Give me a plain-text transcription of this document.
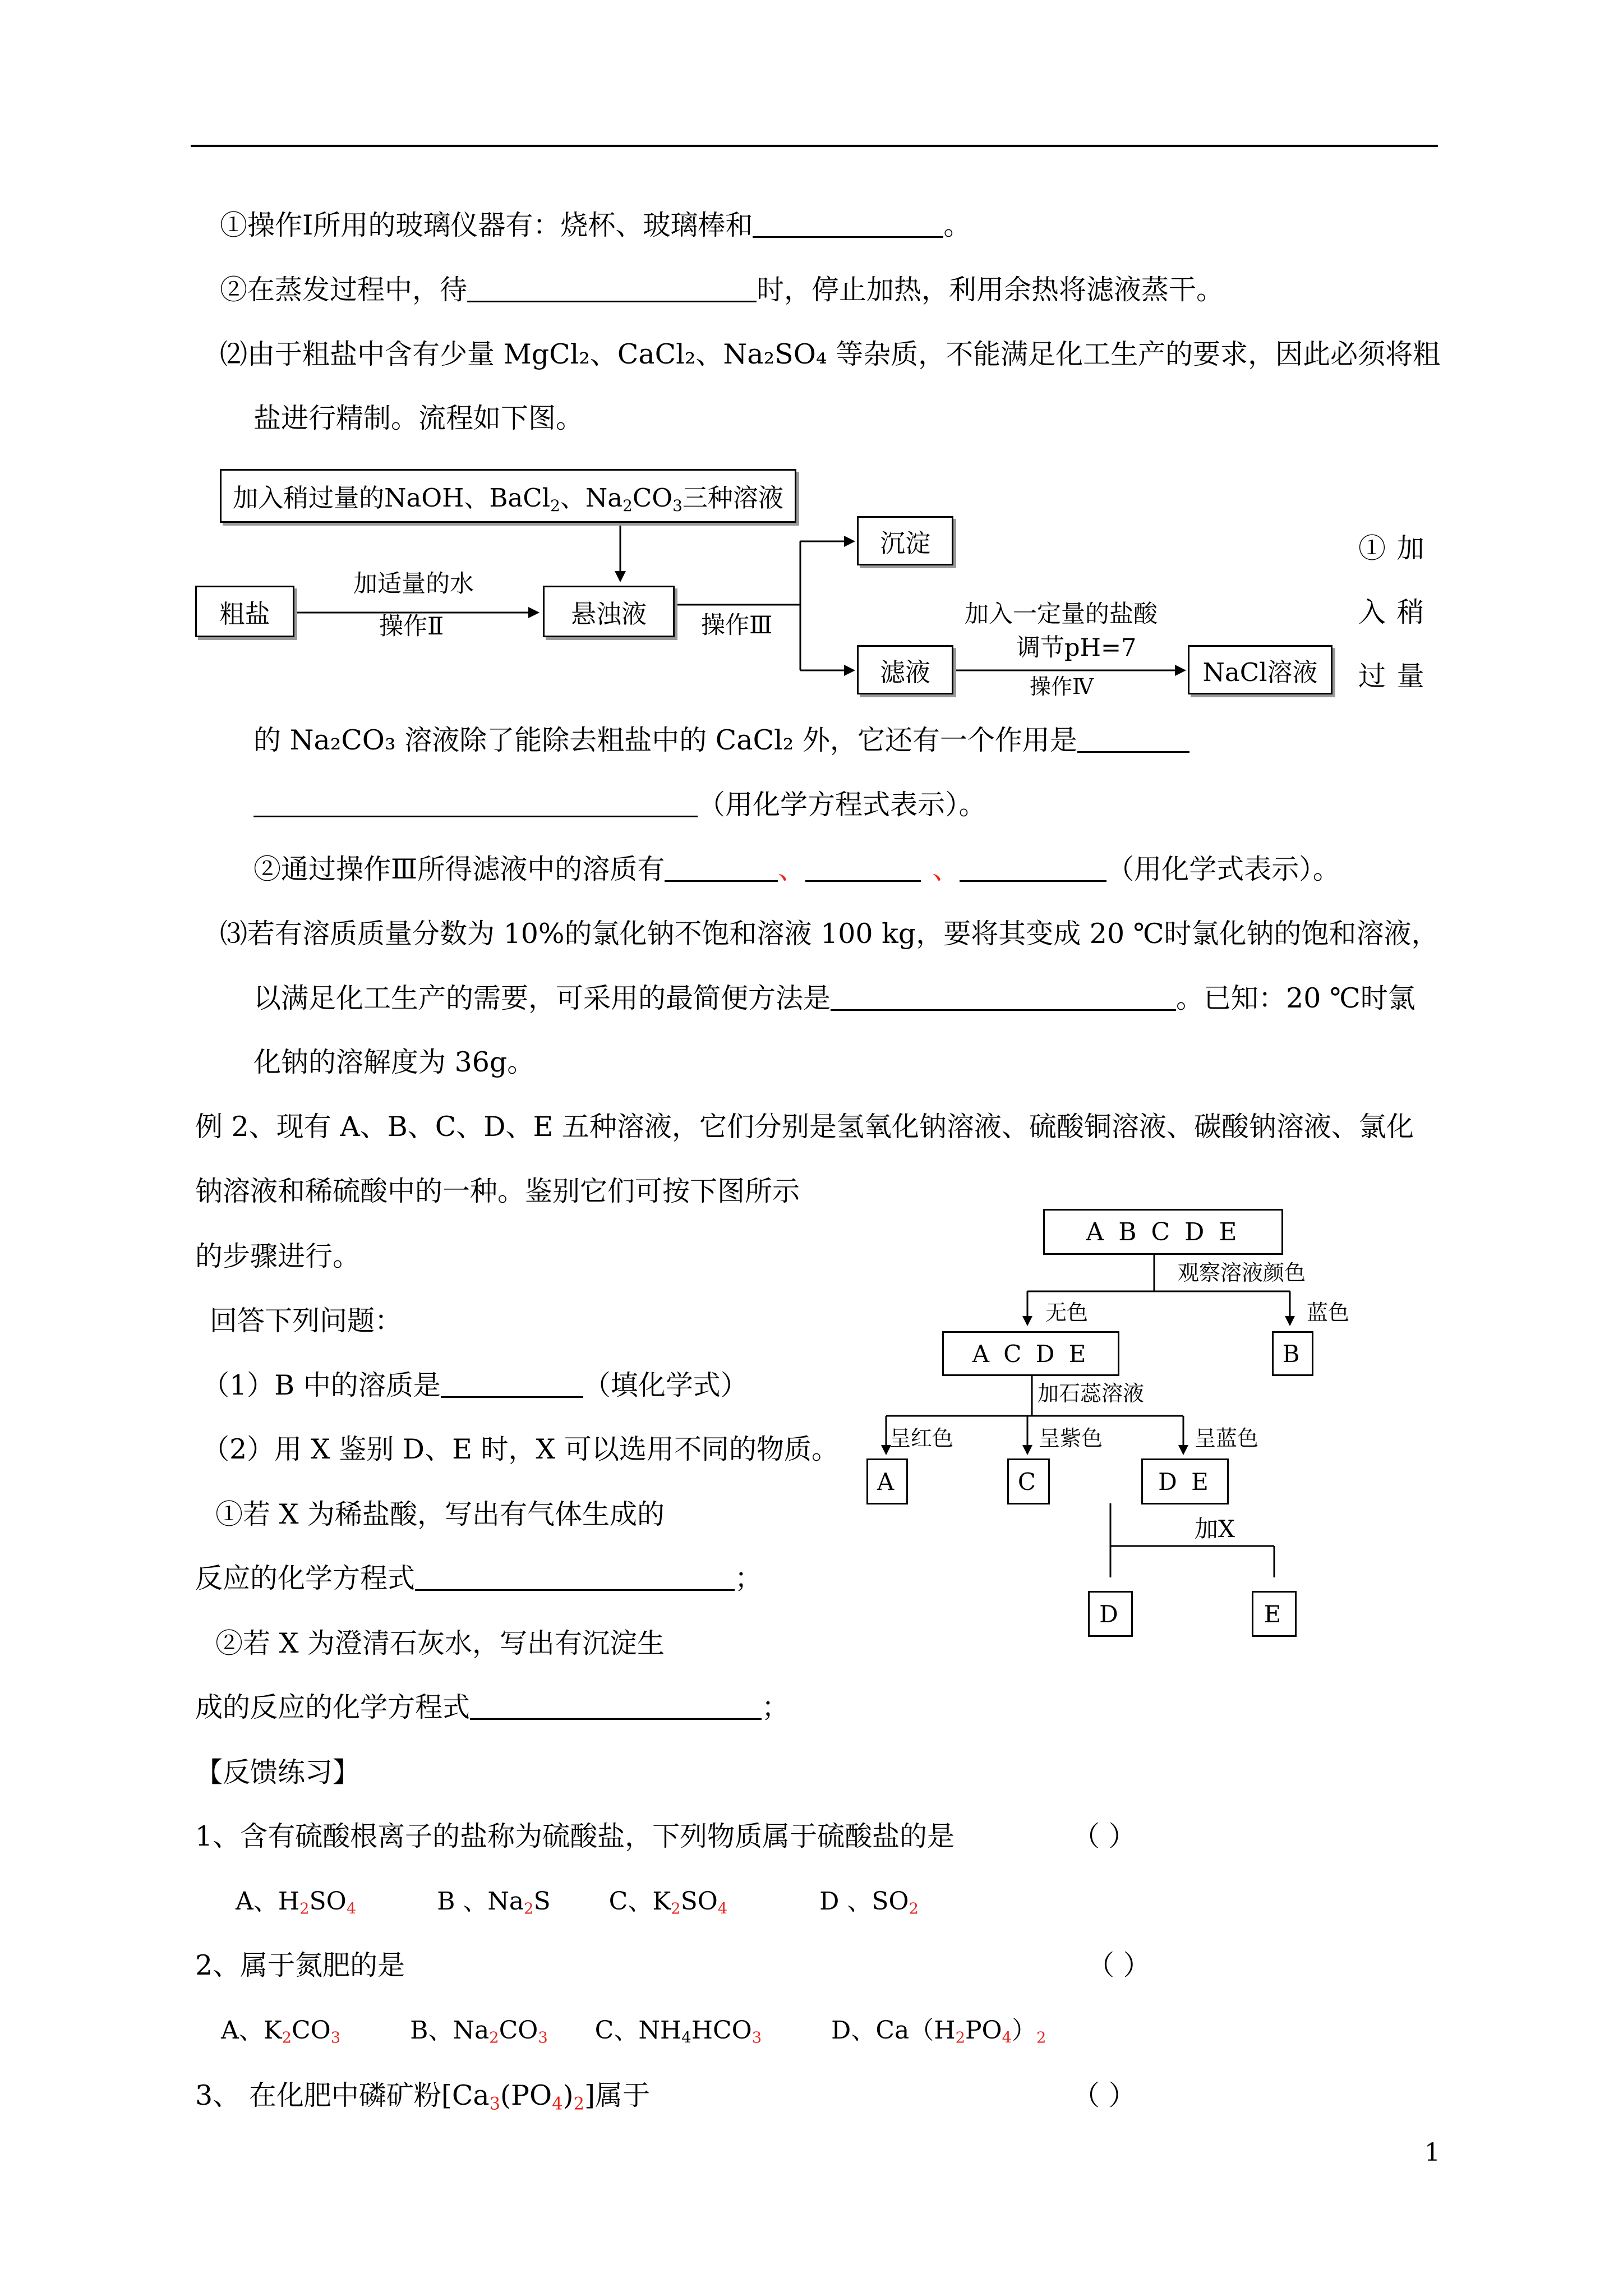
①操作Ⅰ所用的玻璃仪器有：烧杯、玻璃棒和	。
②在蒸发过程中，待	时，停止加热，利用余热将滤液蒸干。
⑵由于粗盐中含有少量 MgCl₂、CaCl₂、Na₂SO₄ 等杂质，不能满足化工生产的要求，因此必须将粗
盐进行精制。流程如下图。
加入稍过量的NaOH、BaCl$_2$、$Na_2CO_3$三种溶液
粗盐
加适量的水
操作Ⅱ	悬浊液	操作Ⅲ
沉淀
滤液
加入一定量的盐酸
调节pH=7
操作Ⅳ	NaCl溶液
① 加
入 稍
过 量
的 Na₂CO₃ 溶液除了能除去粗盐中的 CaCl₂ 外，它还有一个作用是
（用化学方程式表示）。
②通过操作Ⅲ所得滤液中的溶质有	、	、	（用化学式表示）。
⑶若有溶质质量分数为 10%的氯化钠不饱和溶液 100 kg，要将其变成 20 ℃时氯化钠的饱和溶液，
以满足化工生产的需要，可采用的最简便方法是	。已知：20 ℃时氯
化钠的溶解度为 36g。
例 2、现有 A、B、C、D、E 五种溶液，它们分别是氢氧化钠溶液、硫酸铜溶液、碳酸钠溶液、氯化
钠溶液和稀硫酸中的一种。鉴别它们可按下图所示
的步骤进行。
回答下列问题：
（1）B 中的溶质是	（填化学式）
（2）用 X 鉴别 D、E 时，X 可以选用不同的物质。
①若 X 为稀盐酸，写出有气体生成的
反应的化学方程式	；
②若 X 为澄清石灰水，写出有沉淀生
成的反应的化学方程式	；
A B C D E
观察溶液颜色
无色	蓝色
A C D E	B
加石蕊溶液
呈红色	呈紫色	呈蓝色
A	C	D E
加X
D	E
【反馈练习】
1、含有硫酸根离子的盐称为硫酸盐，下列物质属于硫酸盐的是	（ ）
A、$H_2SO_4$	B 、$Na_2S$ C、$K_2SO_4$	D 、$SO_2$
2、属于氮肥的是	（ ）
A、$K_2CO_3$	B、$Na_2CO_3$ C、$NH_4HCO_3$	D、$Ca(H_2PO_4)_2$
3、 在化肥中磷矿粉$[Ca_3(PO_4)_2]$属于	（ ）
1
